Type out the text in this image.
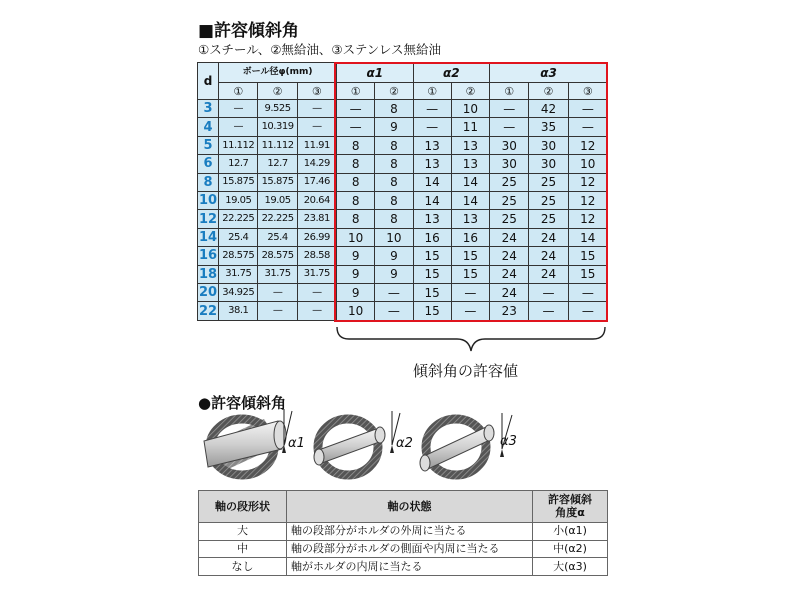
■許容傾斜角
①スチール、②無給油、③ステンレス無給油
d	ボール径φ(mm)			α1		α2		α3		
	①	②	③	①	②	①	②	①	②	③
3	—	9.525	—	—	8	—	10	—	42	—
4	—	10.319	—	—	9	—	11	—	35	—
5	11.112	11.112	11.91	8	8	13	13	30	30	12
6	12.7	12.7	14.29	8	8	13	13	30	30	10
8	15.875	15.875	17.46	8	8	14	14	25	25	12
10	19.05	19.05	20.64	8	8	14	14	25	25	12
12	22.225	22.225	23.81	8	8	13	13	25	25	12
14	25.4	25.4	26.99	10	10	16	16	24	24	14
16	28.575	28.575	28.58	9	9	15	15	24	24	15
18	31.75	31.75	31.75	9	9	15	15	24	24	15
20	34.925	—	—	9	—	15	—	24	—	—
22	38.1	—	—	10	—	15	—	23	—	—
傾斜角の許容値
●許容傾斜角
α1	α2	α3
軸の段形状	軸の状態	許容傾斜
角度α
大	軸の段部分がホルダの外周に当たる	小(α1)
中	軸の段部分がホルダの側面や内周に当たる	中(α2)
なし	軸がホルダの内周に当たる	大(α3)
